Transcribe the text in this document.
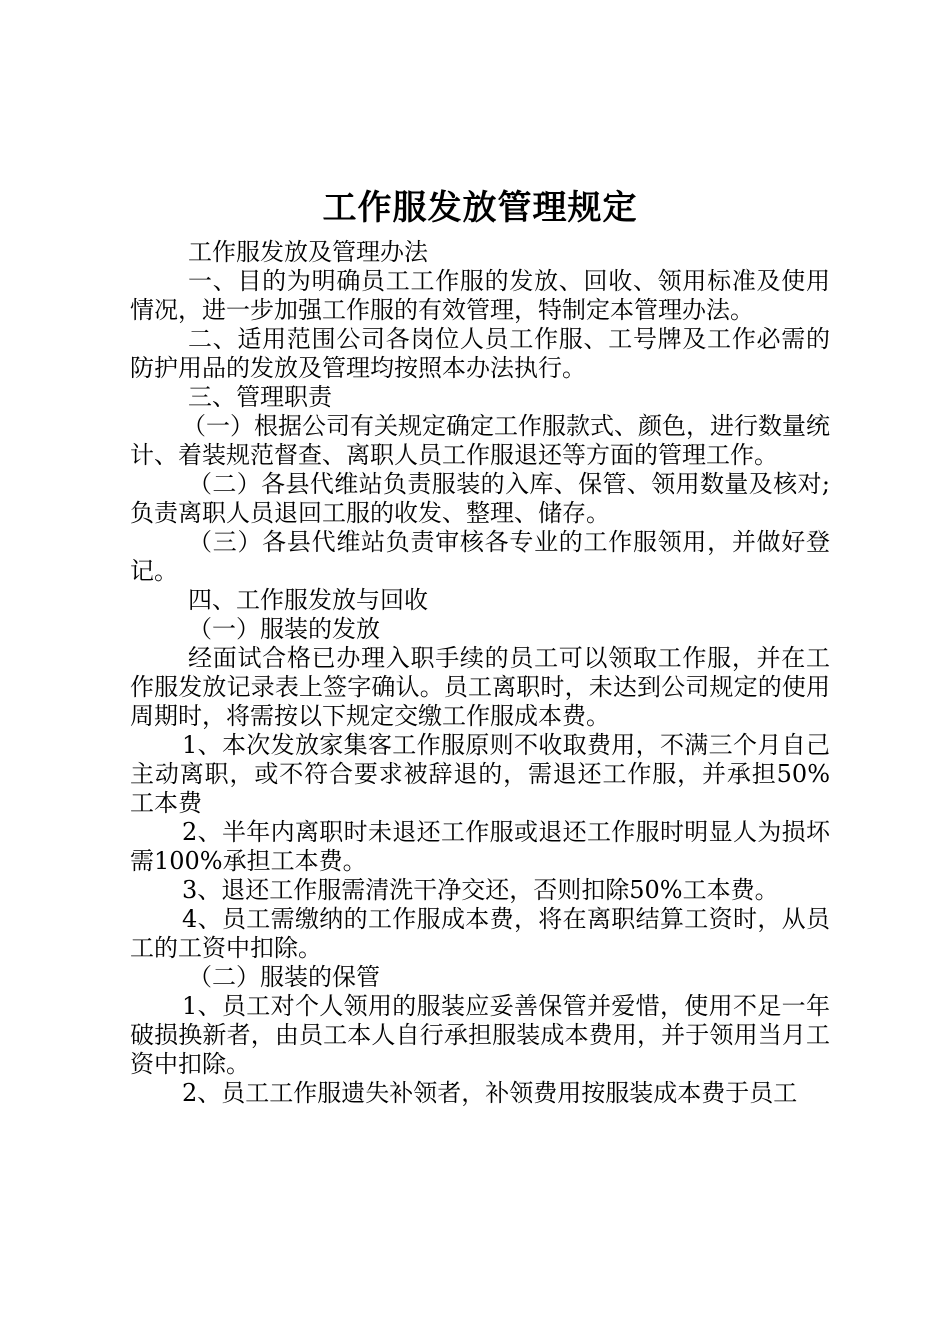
工作服发放管理规定

工作服发放及管理办法

一、目的为明确员工工作服的发放、回收、领用标准及使用情况，进一步加强工作服的有效管理，特制定本管理办法。

二、适用范围公司各岗位人员工作服、工号牌及工作必需的防护用品的发放及管理均按照本办法执行。

三、管理职责

（一）根据公司有关规定确定工作服款式、颜色，进行数量统计、着装规范督查、离职人员工作服退还等方面的管理工作。

（二）各县代维站负责服装的入库、保管、领用数量及核对;负责离职人员退回工服的收发、整理、储存。

（三）各县代维站负责审核各专业的工作服领用，并做好登记。

四、工作服发放与回收

（一）服装的发放

经面试合格已办理入职手续的员工可以领取工作服，并在工作服发放记录表上签字确认。员工离职时，未达到公司规定的使用周期时，将需按以下规定交缴工作服成本费。

1、本次发放家集客工作服原则不收取费用，不满三个月自己主动离职，或不符合要求被辞退的，需退还工作服，并承担50%工本费

2、半年内离职时未退还工作服或退还工作服时明显人为损坏需100%承担工本费。

3、退还工作服需清洗干净交还，否则扣除50%工本费。

4、员工需缴纳的工作服成本费，将在离职结算工资时，从员工的工资中扣除。

（二）服装的保管

1、员工对个人领用的服装应妥善保管并爱惜，使用不足一年破损换新者，由员工本人自行承担服装成本费用，并于领用当月工资中扣除。

2、员工工作服遗失补领者，补领费用按服装成本费于员工
